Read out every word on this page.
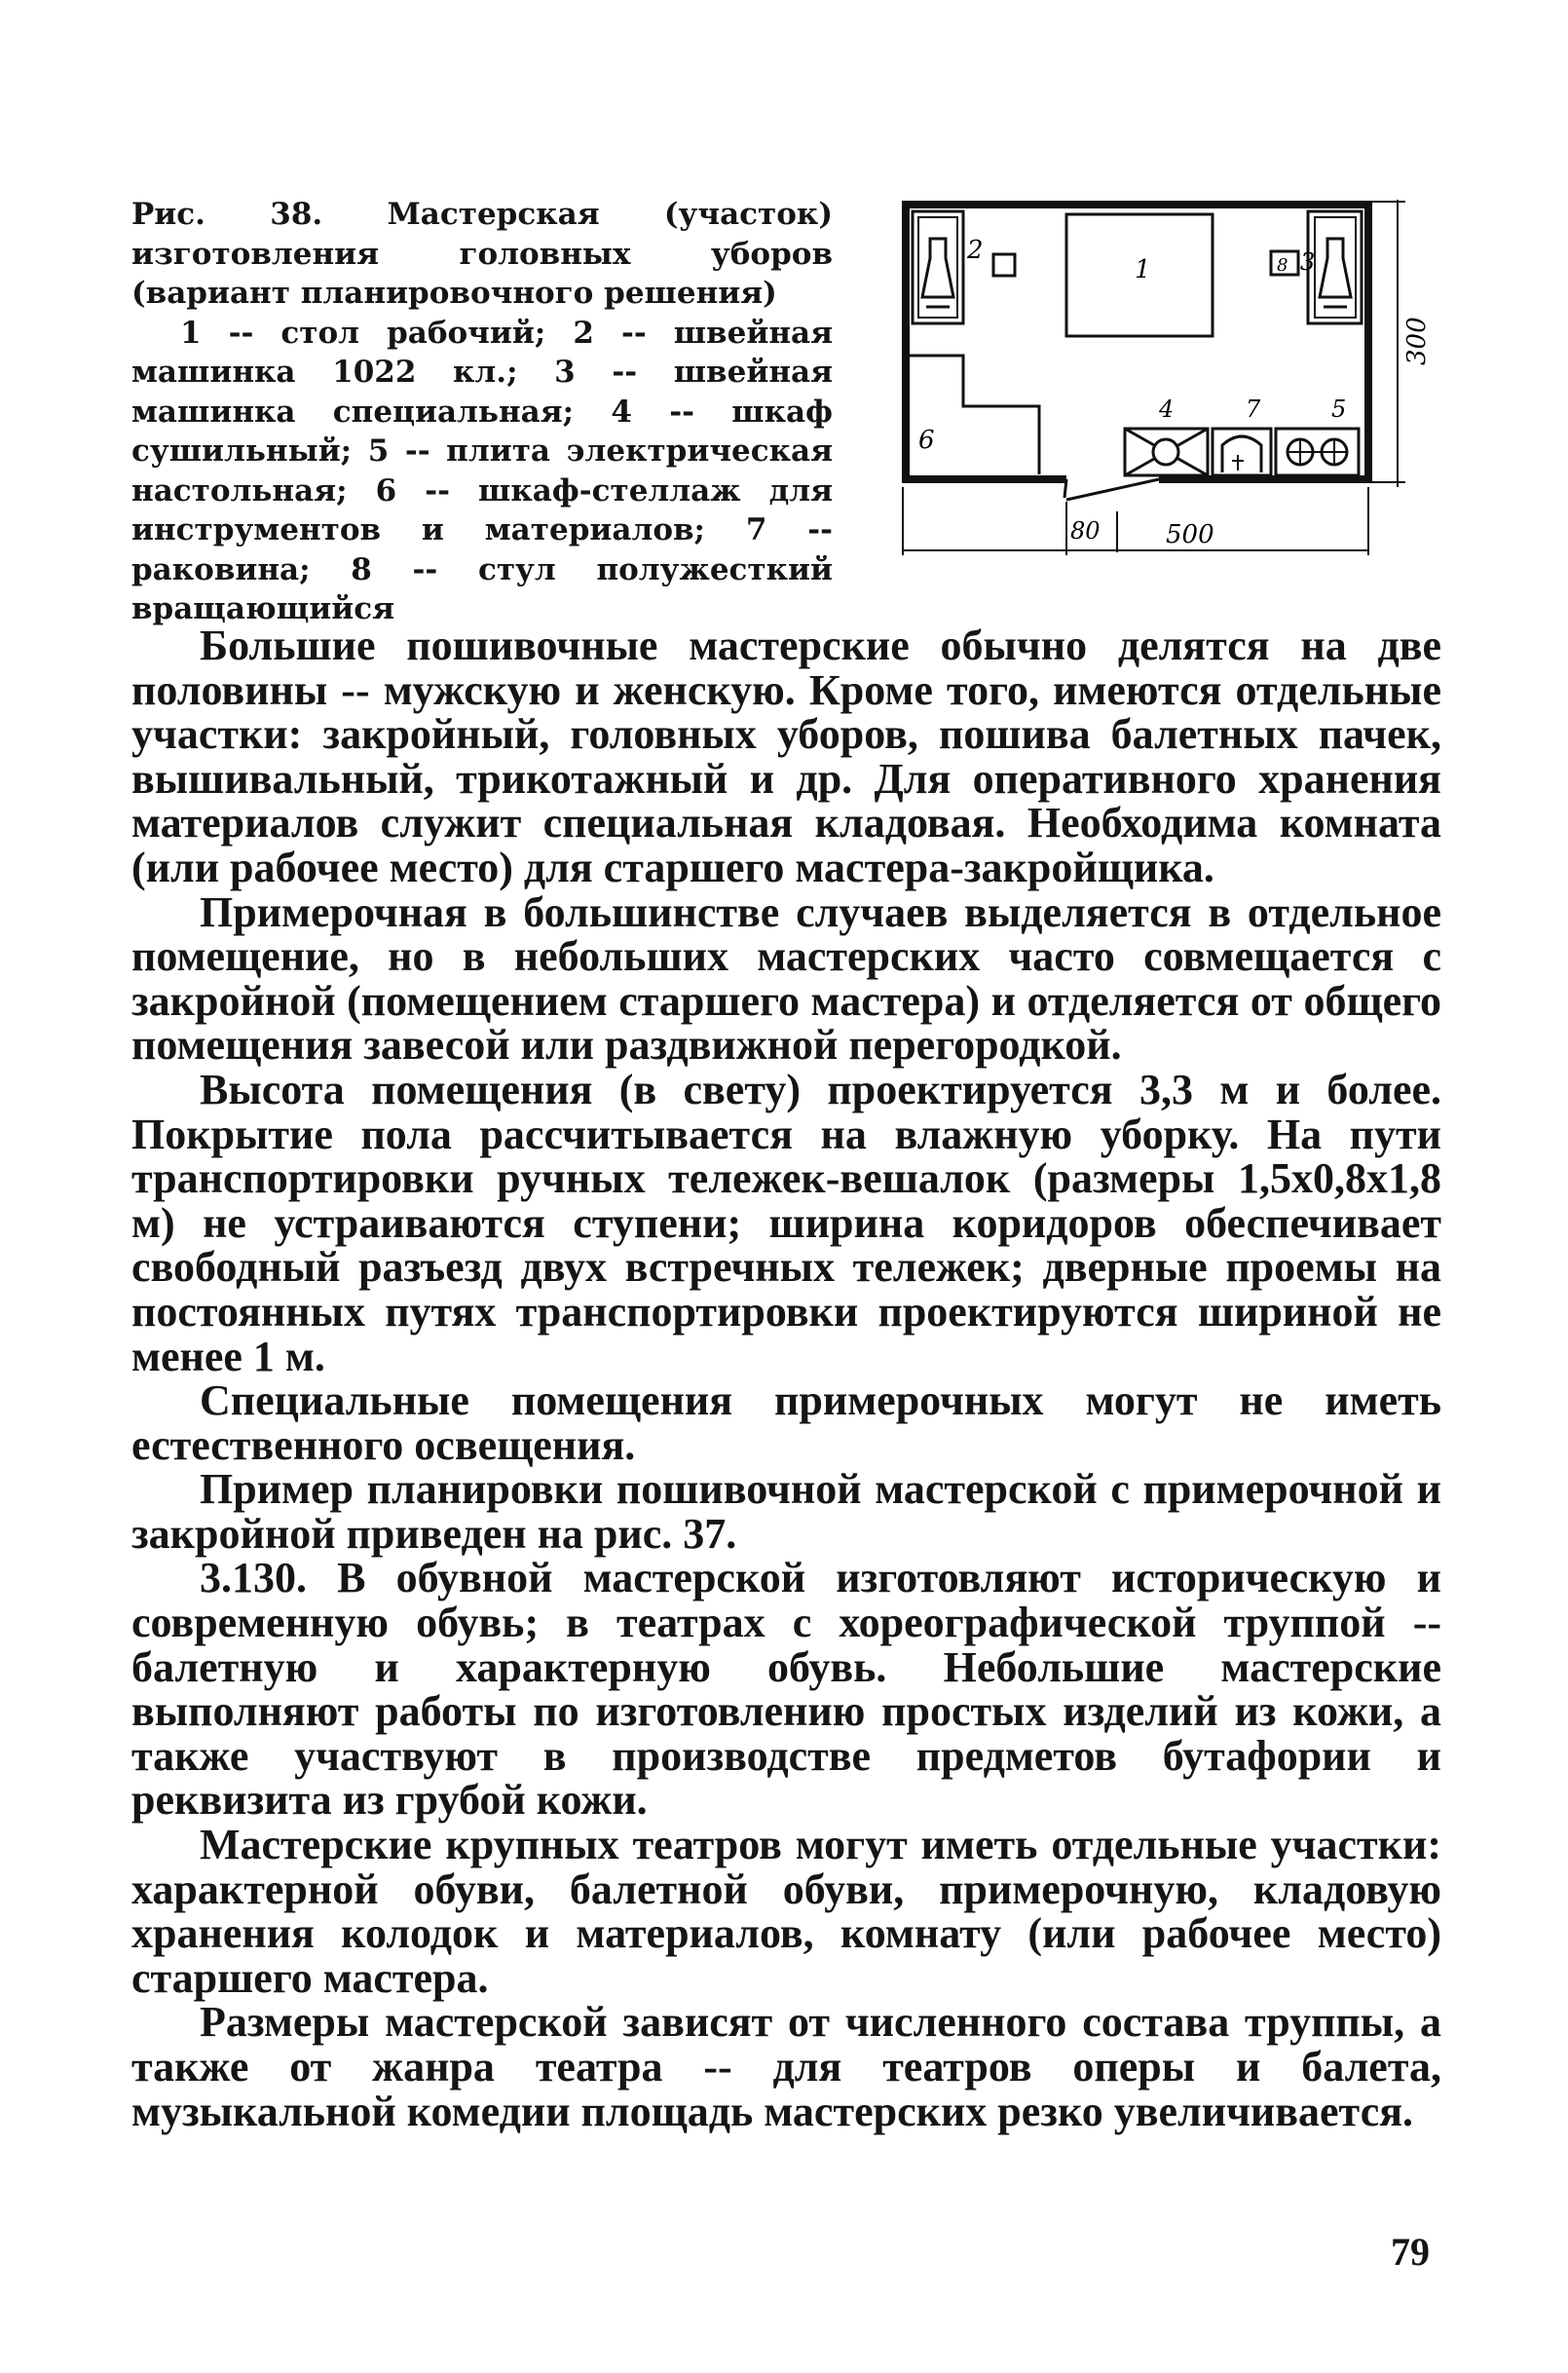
Рис. 38. Мастерская (участок) изготовления головных уборов (вариант планировочного решения)

1 -- стол рабочий; 2 -- швейная машинка 1022 кл.; 3 -- швейная машинка специальная; 4 -- шкаф сушильный; 5 -- плита электрическая настольная; 6 -- шкаф-стеллаж для инструментов и материалов; 7 -- раковина; 8 -- стул полужесткий вращающийся

2
1	8 3
6
4	7	5
300
80	500

Большие пошивочные мастерские обычно делятся на две половины -- мужскую и женскую. Кроме того, имеются отдельные участки: закройный, головных уборов, пошива балетных пачек, вышивальный, трикотажный и др. Для оперативного хранения материалов служит специальная кладовая. Необходима комната (или рабочее место) для старшего мастера-закройщика.

Примерочная в большинстве случаев выделяется в отдельное помещение, но в небольших мастерских часто совмещается с закройной (помещением старшего мастера) и отделяется от общего помещения завесой или раздвижной перегородкой.

Высота помещения (в свету) проектируется 3,3 м и более. Покрытие пола рассчитывается на влажную уборку. На пути транспортировки ручных тележек-вешалок (размеры 1,5х0,8х1,8 м) не устраиваются ступени; ширина коридоров обеспечивает свободный разъезд двух встречных тележек; дверные проемы на постоянных путях транспортировки проектируются шириной не менее 1 м.

Специальные помещения примерочных могут не иметь естественного освещения.

Пример планировки пошивочной мастерской с примерочной и закройной приведен на рис. 37.

3.130. В обувной мастерской изготовляют историческую и современную обувь; в театрах с хореографической труппой -- балетную и характерную обувь. Небольшие мастерские выполняют работы по изготовлению простых изделий из кожи, а также участвуют в производстве предметов бутафории и реквизита из грубой кожи.

Мастерские крупных театров могут иметь отдельные участки: характерной обуви, балетной обуви, примерочную, кладовую хранения колодок и материалов, комнату (или рабочее место) старшего мастера.

Размеры мастерской зависят от численного состава труппы, а также от жанра театра -- для театров оперы и балета, музыкальной комедии площадь мастерских резко увеличивается.

79
